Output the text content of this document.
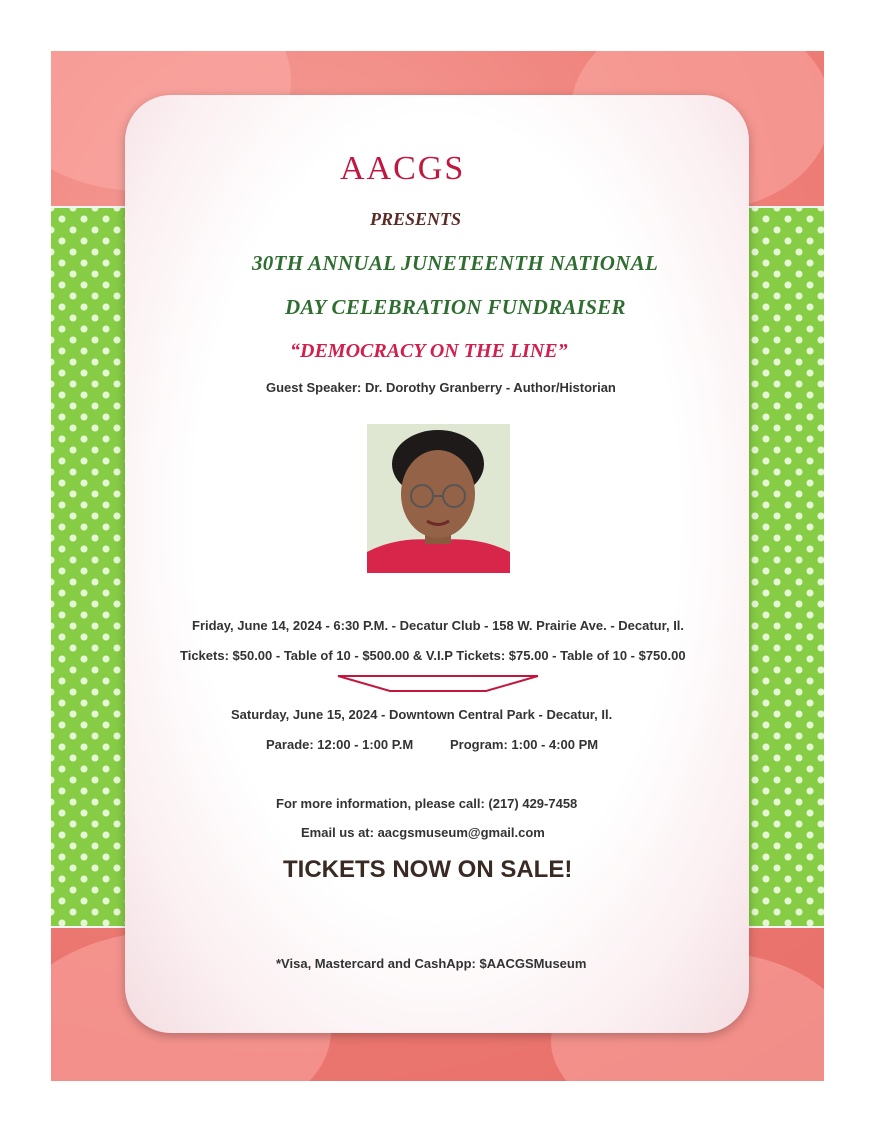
AACGS
PRESENTS
30TH ANNUAL JUNETEENTH NATIONAL
DAY CELEBRATION FUNDRAISER
“DEMOCRACY ON THE LINE”
Guest Speaker: Dr. Dorothy Granberry - Author/Historian
Friday, June 14, 2024 - 6:30 P.M. - Decatur Club - 158 W. Prairie Ave. - Decatur, Il.
Tickets: $50.00 - Table of 10 - $500.00 & V.I.P Tickets: $75.00 - Table of 10 - $750.00
Saturday, June 15, 2024 - Downtown Central Park - Decatur, Il.
Parade: 12:00 - 1:00 P.M	Program: 1:00 - 4:00 PM
For more information, please call: (217) 429-7458
Email us at: aacgsmuseum@gmail.com
TICKETS NOW ON SALE!
*Visa, Mastercard and CashApp: $AACGSMuseum
